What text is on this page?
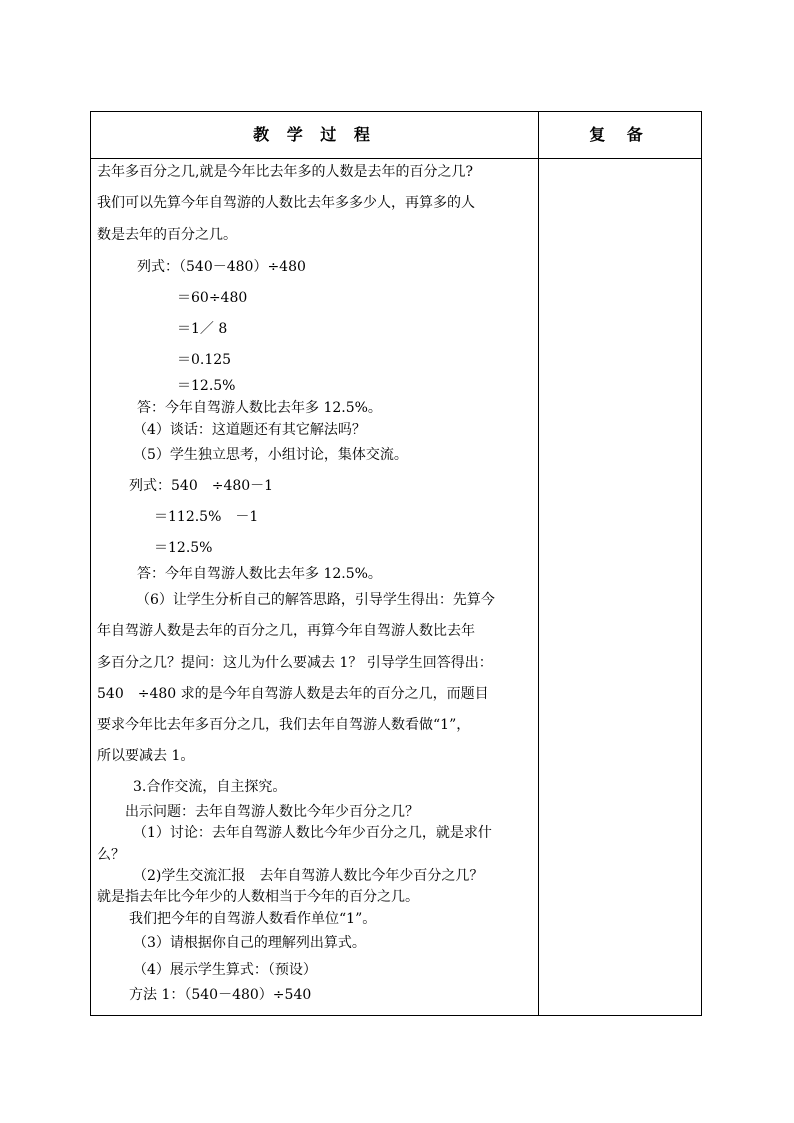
教 学 过 程	复 备
去年多百分之几,就是今年比去年多的人数是去年的百分之几?
我们可以先算今年自驾游的人数比去年多多少人，再算多的人
数是去年的百分之几。
列式：（540－480）÷480
＝60÷480
＝1／ 8
＝0.125
＝12.5%
答：今年自驾游人数比去年多 12.5%。
（4）谈话：这道题还有其它解法吗？
（5）学生独立思考，小组讨论，集体交流。
列式：540　÷480－1
＝112.5%　－1
＝12.5%
答：今年自驾游人数比去年多 12.5%。
（6）让学生分析自己的解答思路，引导学生得出：先算今
年自驾游人数是去年的百分之几，再算今年自驾游人数比去年
多百分之几？提问：这儿为什么要减去 1？ 引导学生回答得出：
540　÷480 求的是今年自驾游人数是去年的百分之几，而题目
要求今年比去年多百分之几，我们去年自驾游人数看做“1”，
所以要减去 1。
3.合作交流，自主探究。
出示问题：去年自驾游人数比今年少百分之几？
（1）讨论：去年自驾游人数比今年少百分之几，就是求什
么？
（2)学生交流汇报　去年自驾游人数比今年少百分之几？
就是指去年比今年少的人数相当于今年的百分之几。
我们把今年的自驾游人数看作单位“1”。
（3）请根据你自己的理解列出算式。
（4）展示学生算式：（预设）
方法 1：（540－480）÷540
